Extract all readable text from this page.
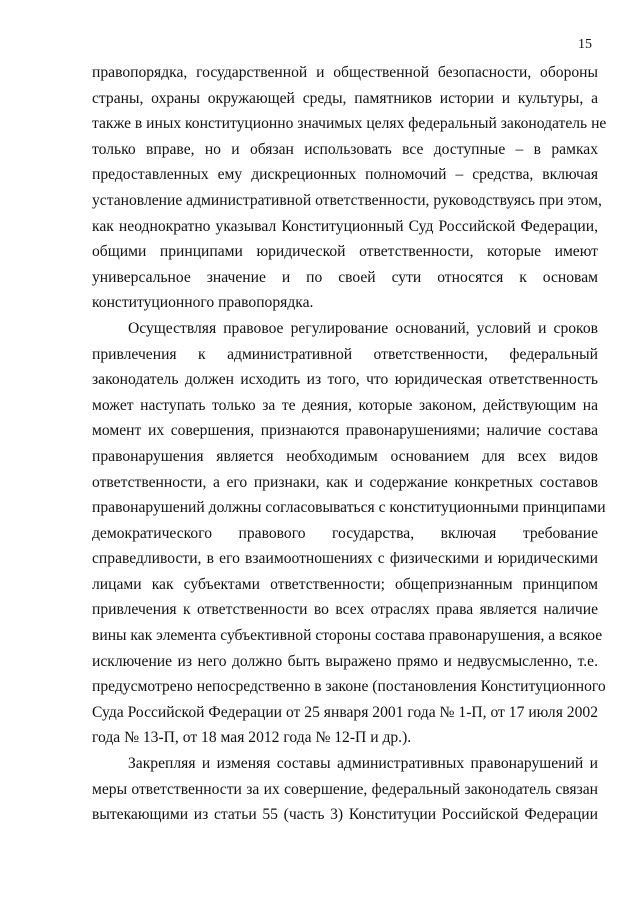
15
правопорядка, государственной и общественной безопасности, обороны
страны, охраны окружающей среды, памятников истории и культуры, а
также в иных конституционно значимых целях федеральный законодатель не
только вправе, но и обязан использовать все доступные – в рамках
предоставленных ему дискреционных полномочий – средства, включая
установление административной ответственности, руководствуясь при этом,
как неоднократно указывал Конституционный Суд Российской Федерации,
общими принципами юридической ответственности, которые имеют
универсальное значение и по своей сути относятся к основам
конституционного правопорядка.
Осуществляя правовое регулирование оснований, условий и сроков
привлечения к административной ответственности, федеральный
законодатель должен исходить из того, что юридическая ответственность
может наступать только за те деяния, которые законом, действующим на
момент их совершения, признаются правонарушениями; наличие состава
правонарушения является необходимым основанием для всех видов
ответственности, а его признаки, как и содержание конкретных составов
правонарушений должны согласовываться с конституционными принципами
демократического правового государства, включая требование
справедливости, в его взаимоотношениях с физическими и юридическими
лицами как субъектами ответственности; общепризнанным принципом
привлечения к ответственности во всех отраслях права является наличие
вины как элемента субъективной стороны состава правонарушения, а всякое
исключение из него должно быть выражено прямо и недвусмысленно, т.е.
предусмотрено непосредственно в законе (постановления Конституционного
Суда Российской Федерации от 25 января 2001 года № 1-П, от 17 июля 2002
года № 13-П, от 18 мая 2012 года № 12-П и др.).
Закрепляя и изменяя составы административных правонарушений и
меры ответственности за их совершение, федеральный законодатель связан
вытекающими из статьи 55 (часть 3) Конституции Российской Федерации
